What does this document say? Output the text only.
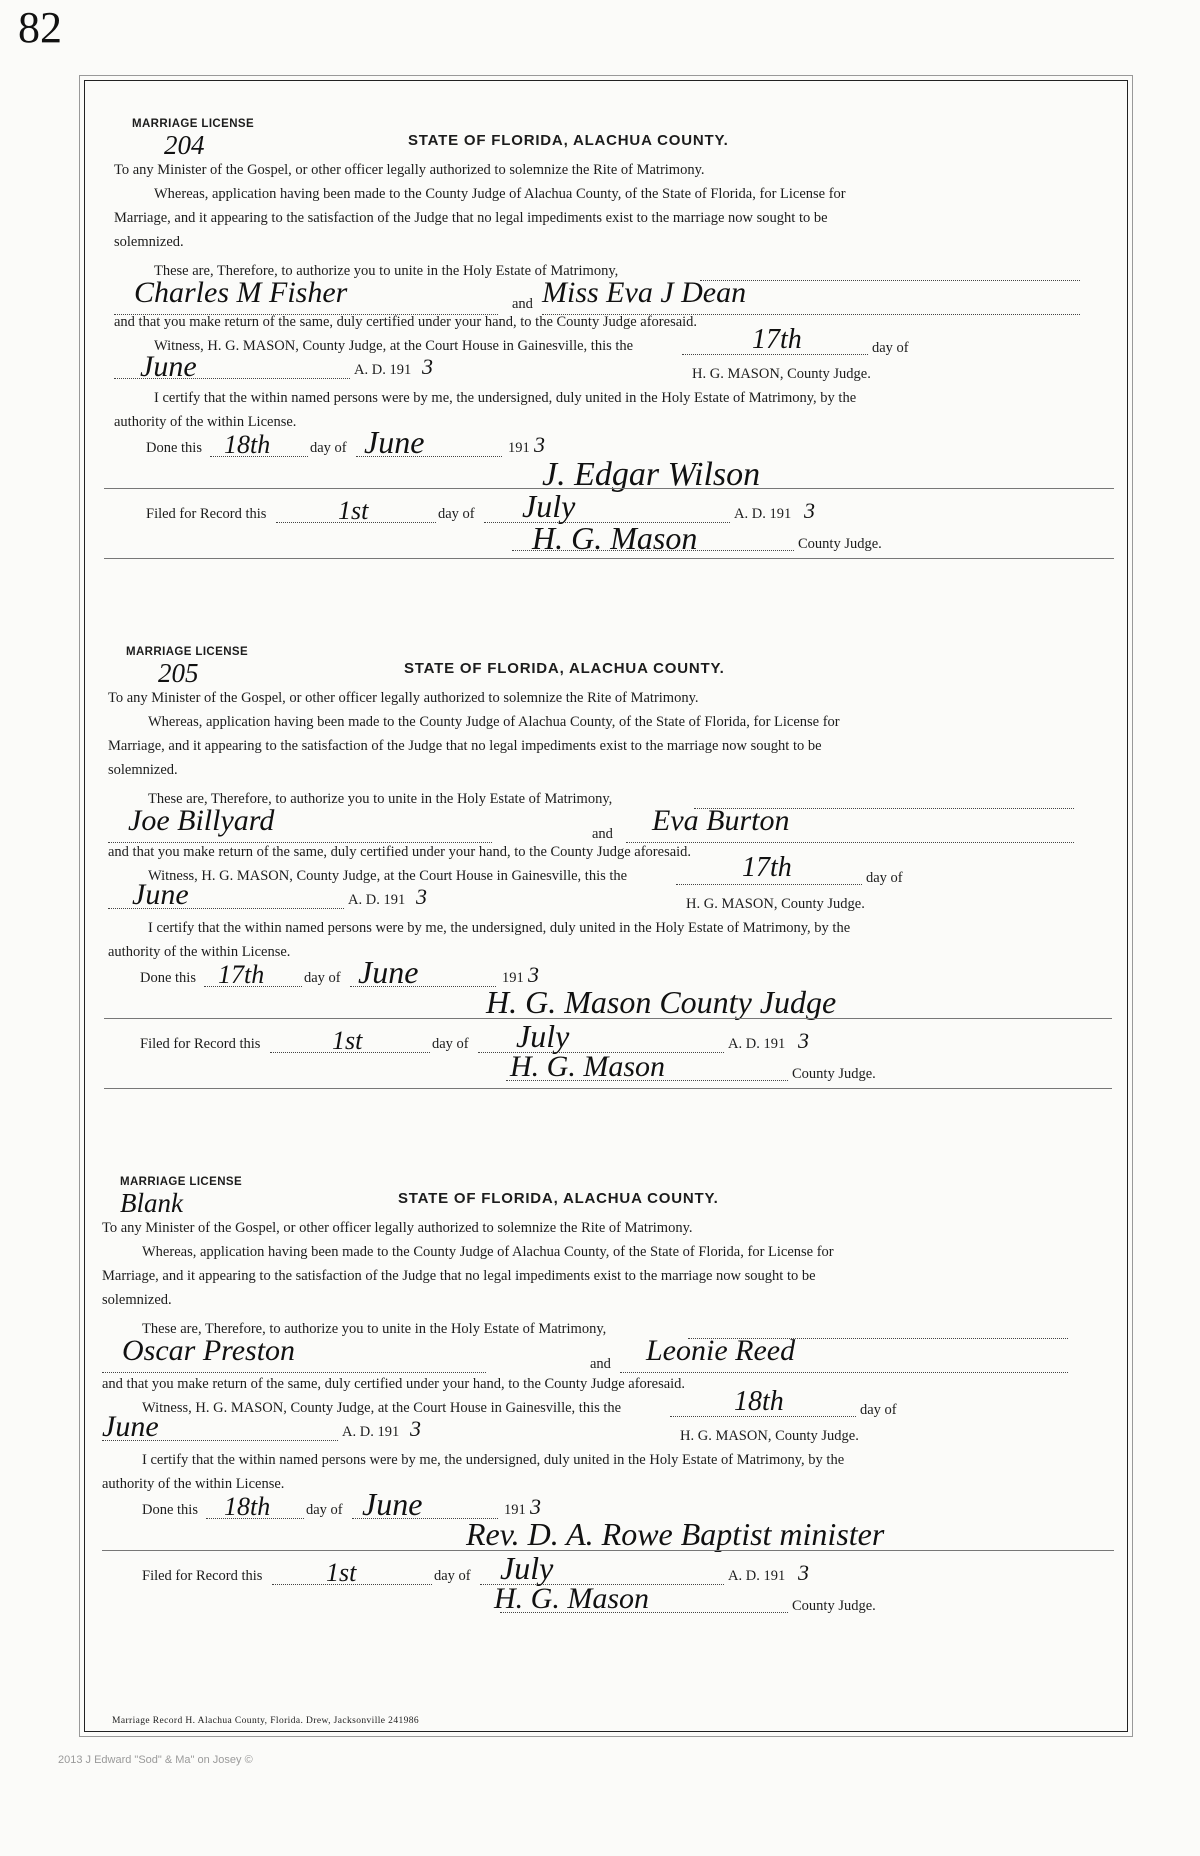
82
MARRIAGE LICENSE
204	STATE OF FLORIDA, ALACHUA COUNTY.
To any Minister of the Gospel, or other officer legally authorized to solemnize the Rite of Matrimony.
Whereas, application having been made to the County Judge of Alachua County, of the State of Florida, for License for
Marriage, and it appearing to the satisfaction of the Judge that no legal impediments exist to the marriage now sought to be
solemnized.
These are, Therefore, to authorize you to unite in the Holy Estate of Matrimony,
Charles M Fisher	and Miss Eva J Dean
and that you make return of the same, duly certified under your hand, to the County Judge aforesaid.
Witness, H. G. MASON, County Judge, at the Court House in Gainesville, this the	17th	day of
June	A. D. 191 3	H. G. MASON, County Judge.
I certify that the within named persons were by me, the undersigned, duly united in the Holy Estate of Matrimony, by the
authority of the within License.
Done this 18th	day of June	191 3
J. Edgar Wilson
Filed for Record this	1st	day of July	A. D. 191 3
H. G. Mason	County Judge.
MARRIAGE LICENSE
205	STATE OF FLORIDA, ALACHUA COUNTY.
To any Minister of the Gospel, or other officer legally authorized to solemnize the Rite of Matrimony.
Whereas, application having been made to the County Judge of Alachua County, of the State of Florida, for License for
Marriage, and it appearing to the satisfaction of the Judge that no legal impediments exist to the marriage now sought to be
solemnized.
These are, Therefore, to authorize you to unite in the Holy Estate of Matrimony,
Joe Billyard	and Eva Burton
and that you make return of the same, duly certified under your hand, to the County Judge aforesaid.
Witness, H. G. MASON, County Judge, at the Court House in Gainesville, this the	17th	day of
June	A. D. 191 3	H. G. MASON, County Judge.
I certify that the within named persons were by me, the undersigned, duly united in the Holy Estate of Matrimony, by the
authority of the within License.
Done this 17th	day of June	191 3
H. G. Mason County Judge
Filed for Record this	1st	day of July	A. D. 191 3
H. G. Mason	County Judge.
MARRIAGE LICENSE
Blank	STATE OF FLORIDA, ALACHUA COUNTY.
To any Minister of the Gospel, or other officer legally authorized to solemnize the Rite of Matrimony.
Whereas, application having been made to the County Judge of Alachua County, of the State of Florida, for License for
Marriage, and it appearing to the satisfaction of the Judge that no legal impediments exist to the marriage now sought to be
solemnized.
These are, Therefore, to authorize you to unite in the Holy Estate of Matrimony,
Oscar Preston	and Leonie Reed
and that you make return of the same, duly certified under your hand, to the County Judge aforesaid.
Witness, H. G. MASON, County Judge, at the Court House in Gainesville, this the	18th	day of
June	A. D. 191 3	H. G. MASON, County Judge.
I certify that the within named persons were by me, the undersigned, duly united in the Holy Estate of Matrimony, by the
authority of the within License.
Done this 18th day of June	191 3
Rev. D. A. Rowe Baptist minister
Filed for Record this 1st	day of July	A. D. 191 3
H. G. Mason	County Judge.
Marriage Record H. Alachua County, Florida. Drew, Jacksonville 241986
2013 J Edward "Sod" & Ma" on Josey ©
